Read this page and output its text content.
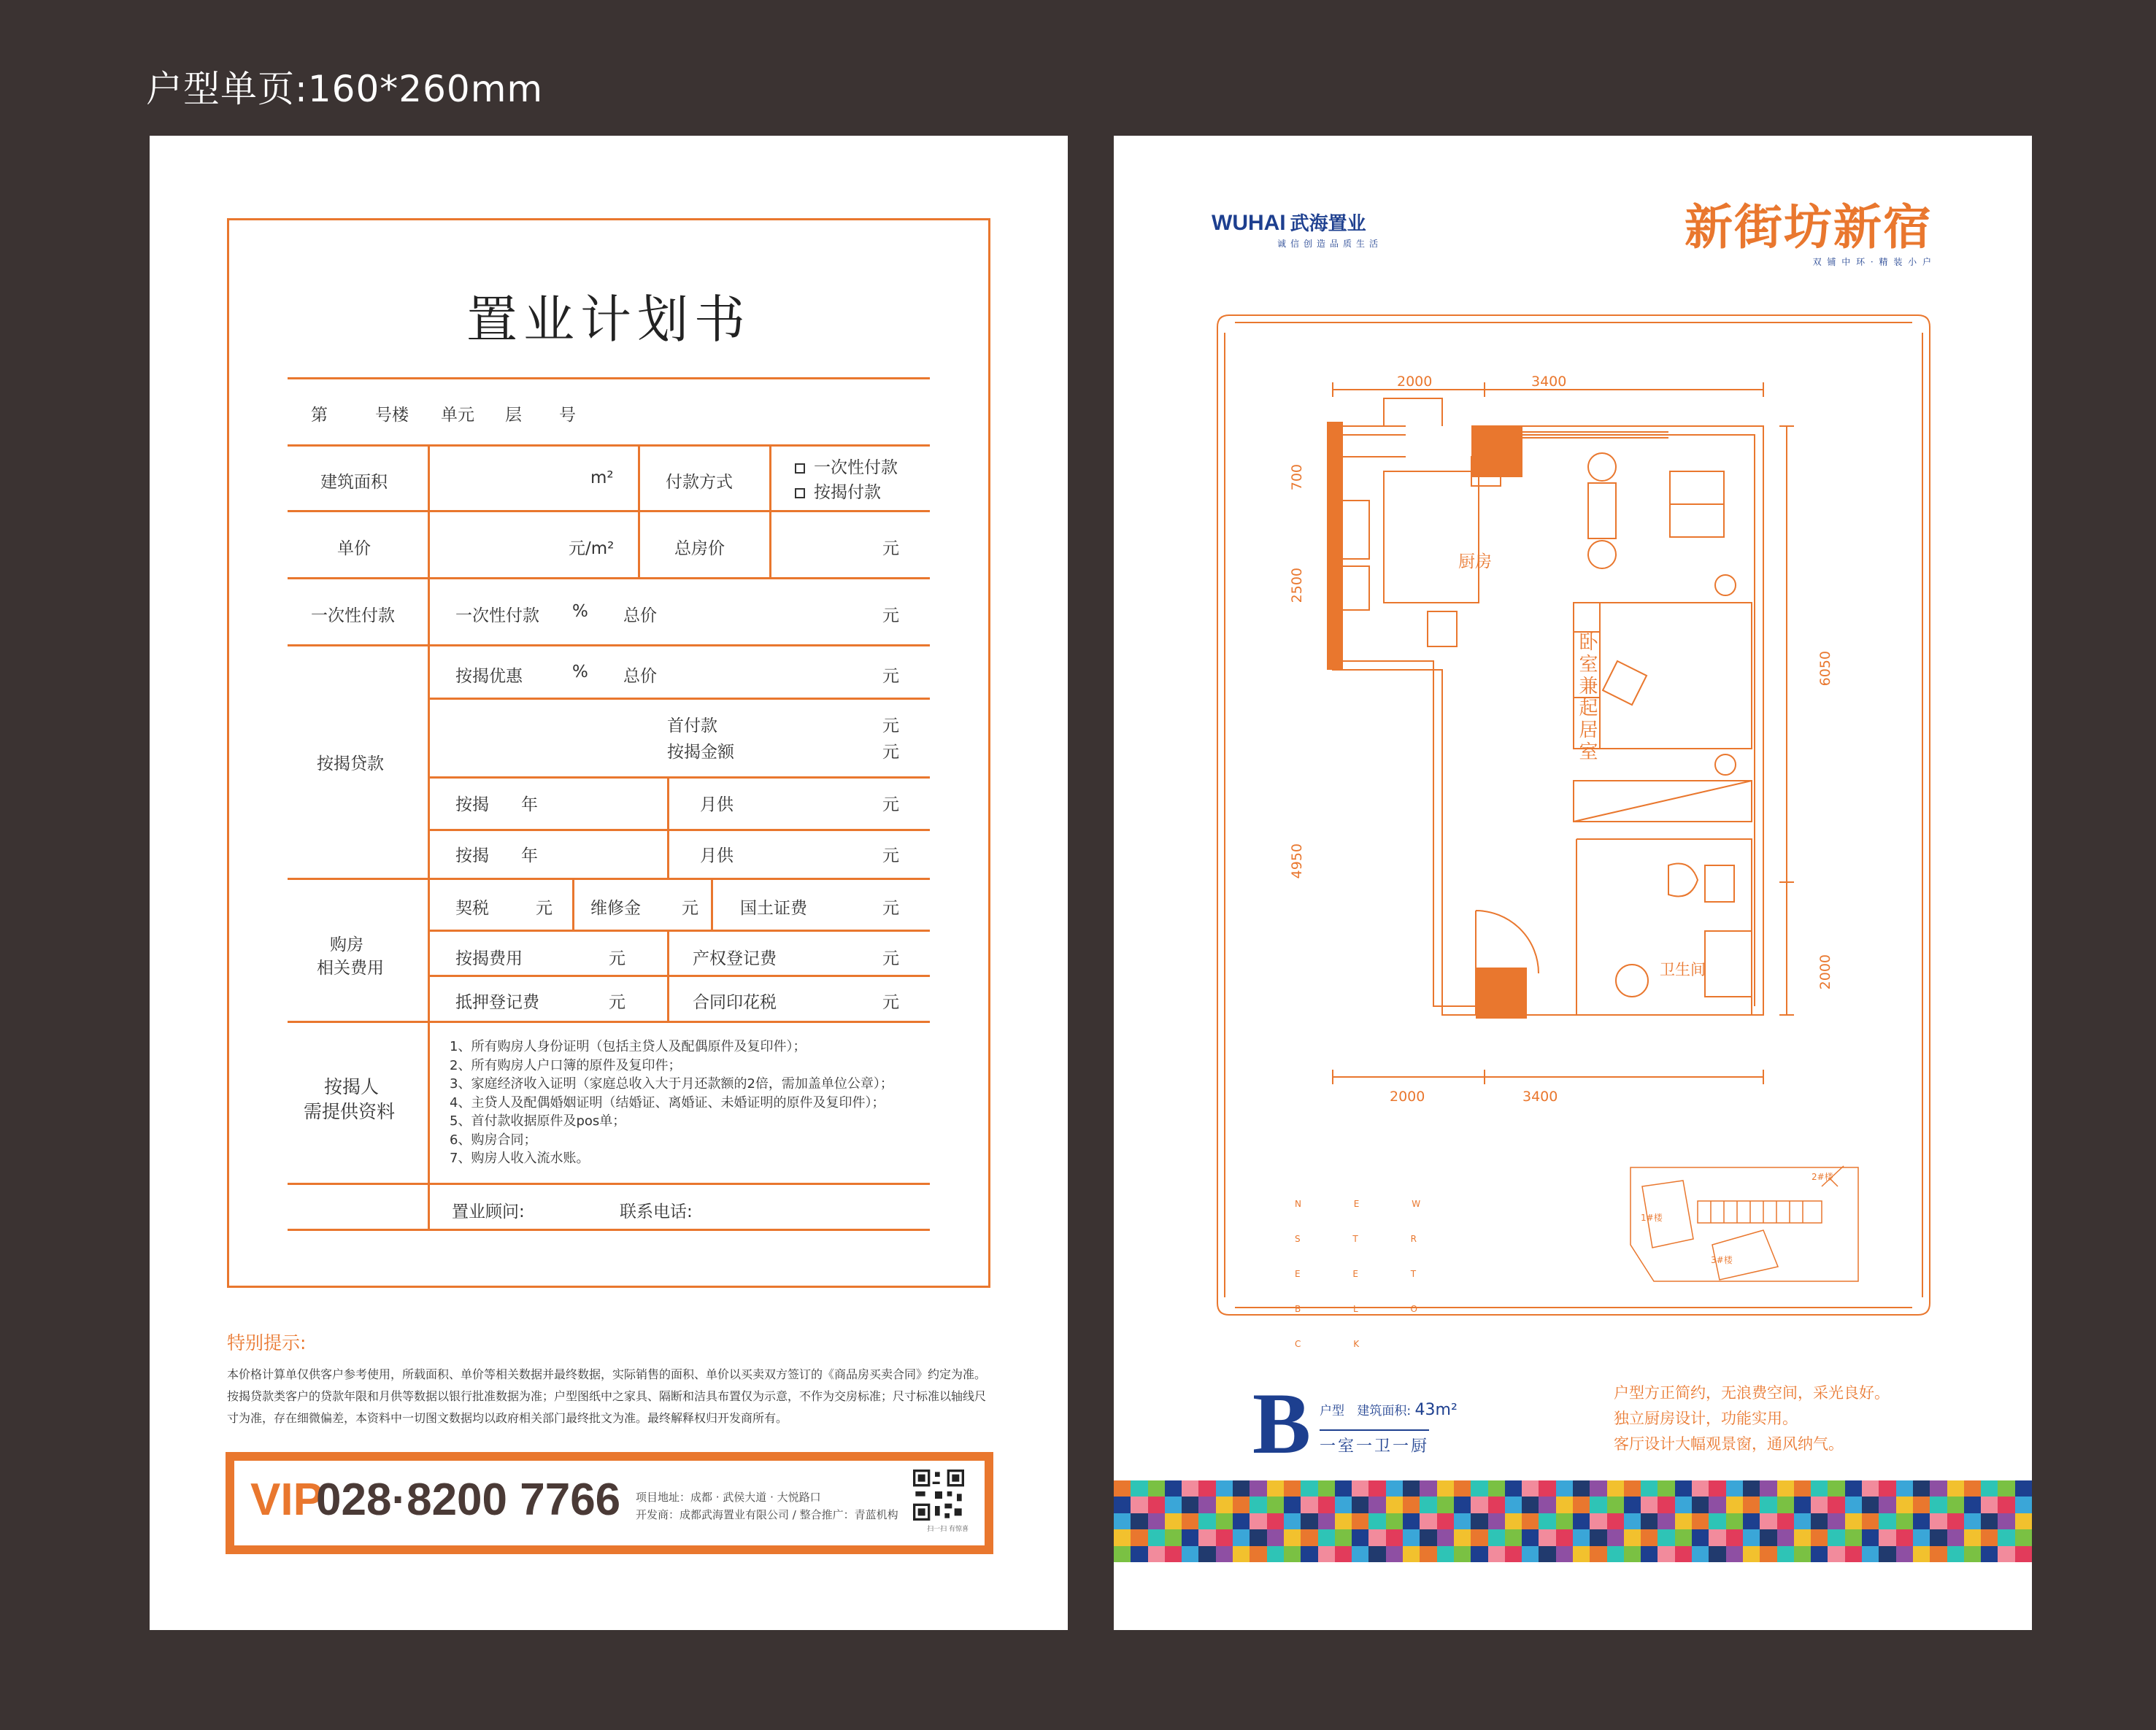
户型单页:160*260mm
置业计划书
第	号楼 单元 层 号
建筑面积	m²	付款方式
一次性付款
按揭付款
单价	元/m²	总房价	元
一次性付款	一次性付款 % 总价	元
按揭贷款
按揭优惠	% 总价	元
首付款	元
按揭金额	元
按揭 年	月供	元
按揭 年	月供	元
购房
相关费用
契税	元 维修金 元 国土证费	元
按揭费用	元	产权登记费	元
抵押登记费	元	合同印花税	元
按揭人
需提供资料
1、所有购房人身份证明（包括主贷人及配偶原件及复印件）；
2、所有购房人户口簿的原件及复印件；
3、家庭经济收入证明（家庭总收入大于月还款额的2倍，需加盖单位公章）；
4、主贷人及配偶婚姻证明（结婚证、离婚证、未婚证明的原件及复印件）；
5、首付款收据原件及pos单；
6、购房合同；
7、购房人收入流水账。
置业顾问:	联系电话:
特别提示:
本价格计算单仅供客户参考使用，所载面积、单价等相关数据并最终数据，实际销售的面积、单价以买卖双方签订的《商品房买卖合同》约定为准。
按揭贷款类客户的贷款年限和月供等数据以银行批准数据为准；户型图纸中之家具、隔断和洁具布置仅为示意，不作为交房标准；尺寸标准以轴线尺
寸为准，存在细微偏差，本资料中一切图文数据均以政府相关部门最终批文为准。最终解释权归开发商所有。
VIP
028·8200 7766 项目地址：成都 · 武侯大道 · 大悦路口
开发商：成都武海置业有限公司 / 整合推广：青蓝机构
扫一扫 有惊喜
WUHAI 武海置业
诚信创造品质生活	新街坊新宿
双 铺 中 环 · 精 装 小 户
厨房
卧室兼起居室
卫生间
2000	3400
2000	3400
700
2500
4950
6050
2000
2#楼
1#楼
3#楼
N E W S T R E E T B L O C K
B 户型 建筑面积: 43m²
一室一卫一厨
户型方正简约，无浪费空间，采光良好。
独立厨房设计，功能实用。
客厅设计大幅观景窗，通风纳气。
